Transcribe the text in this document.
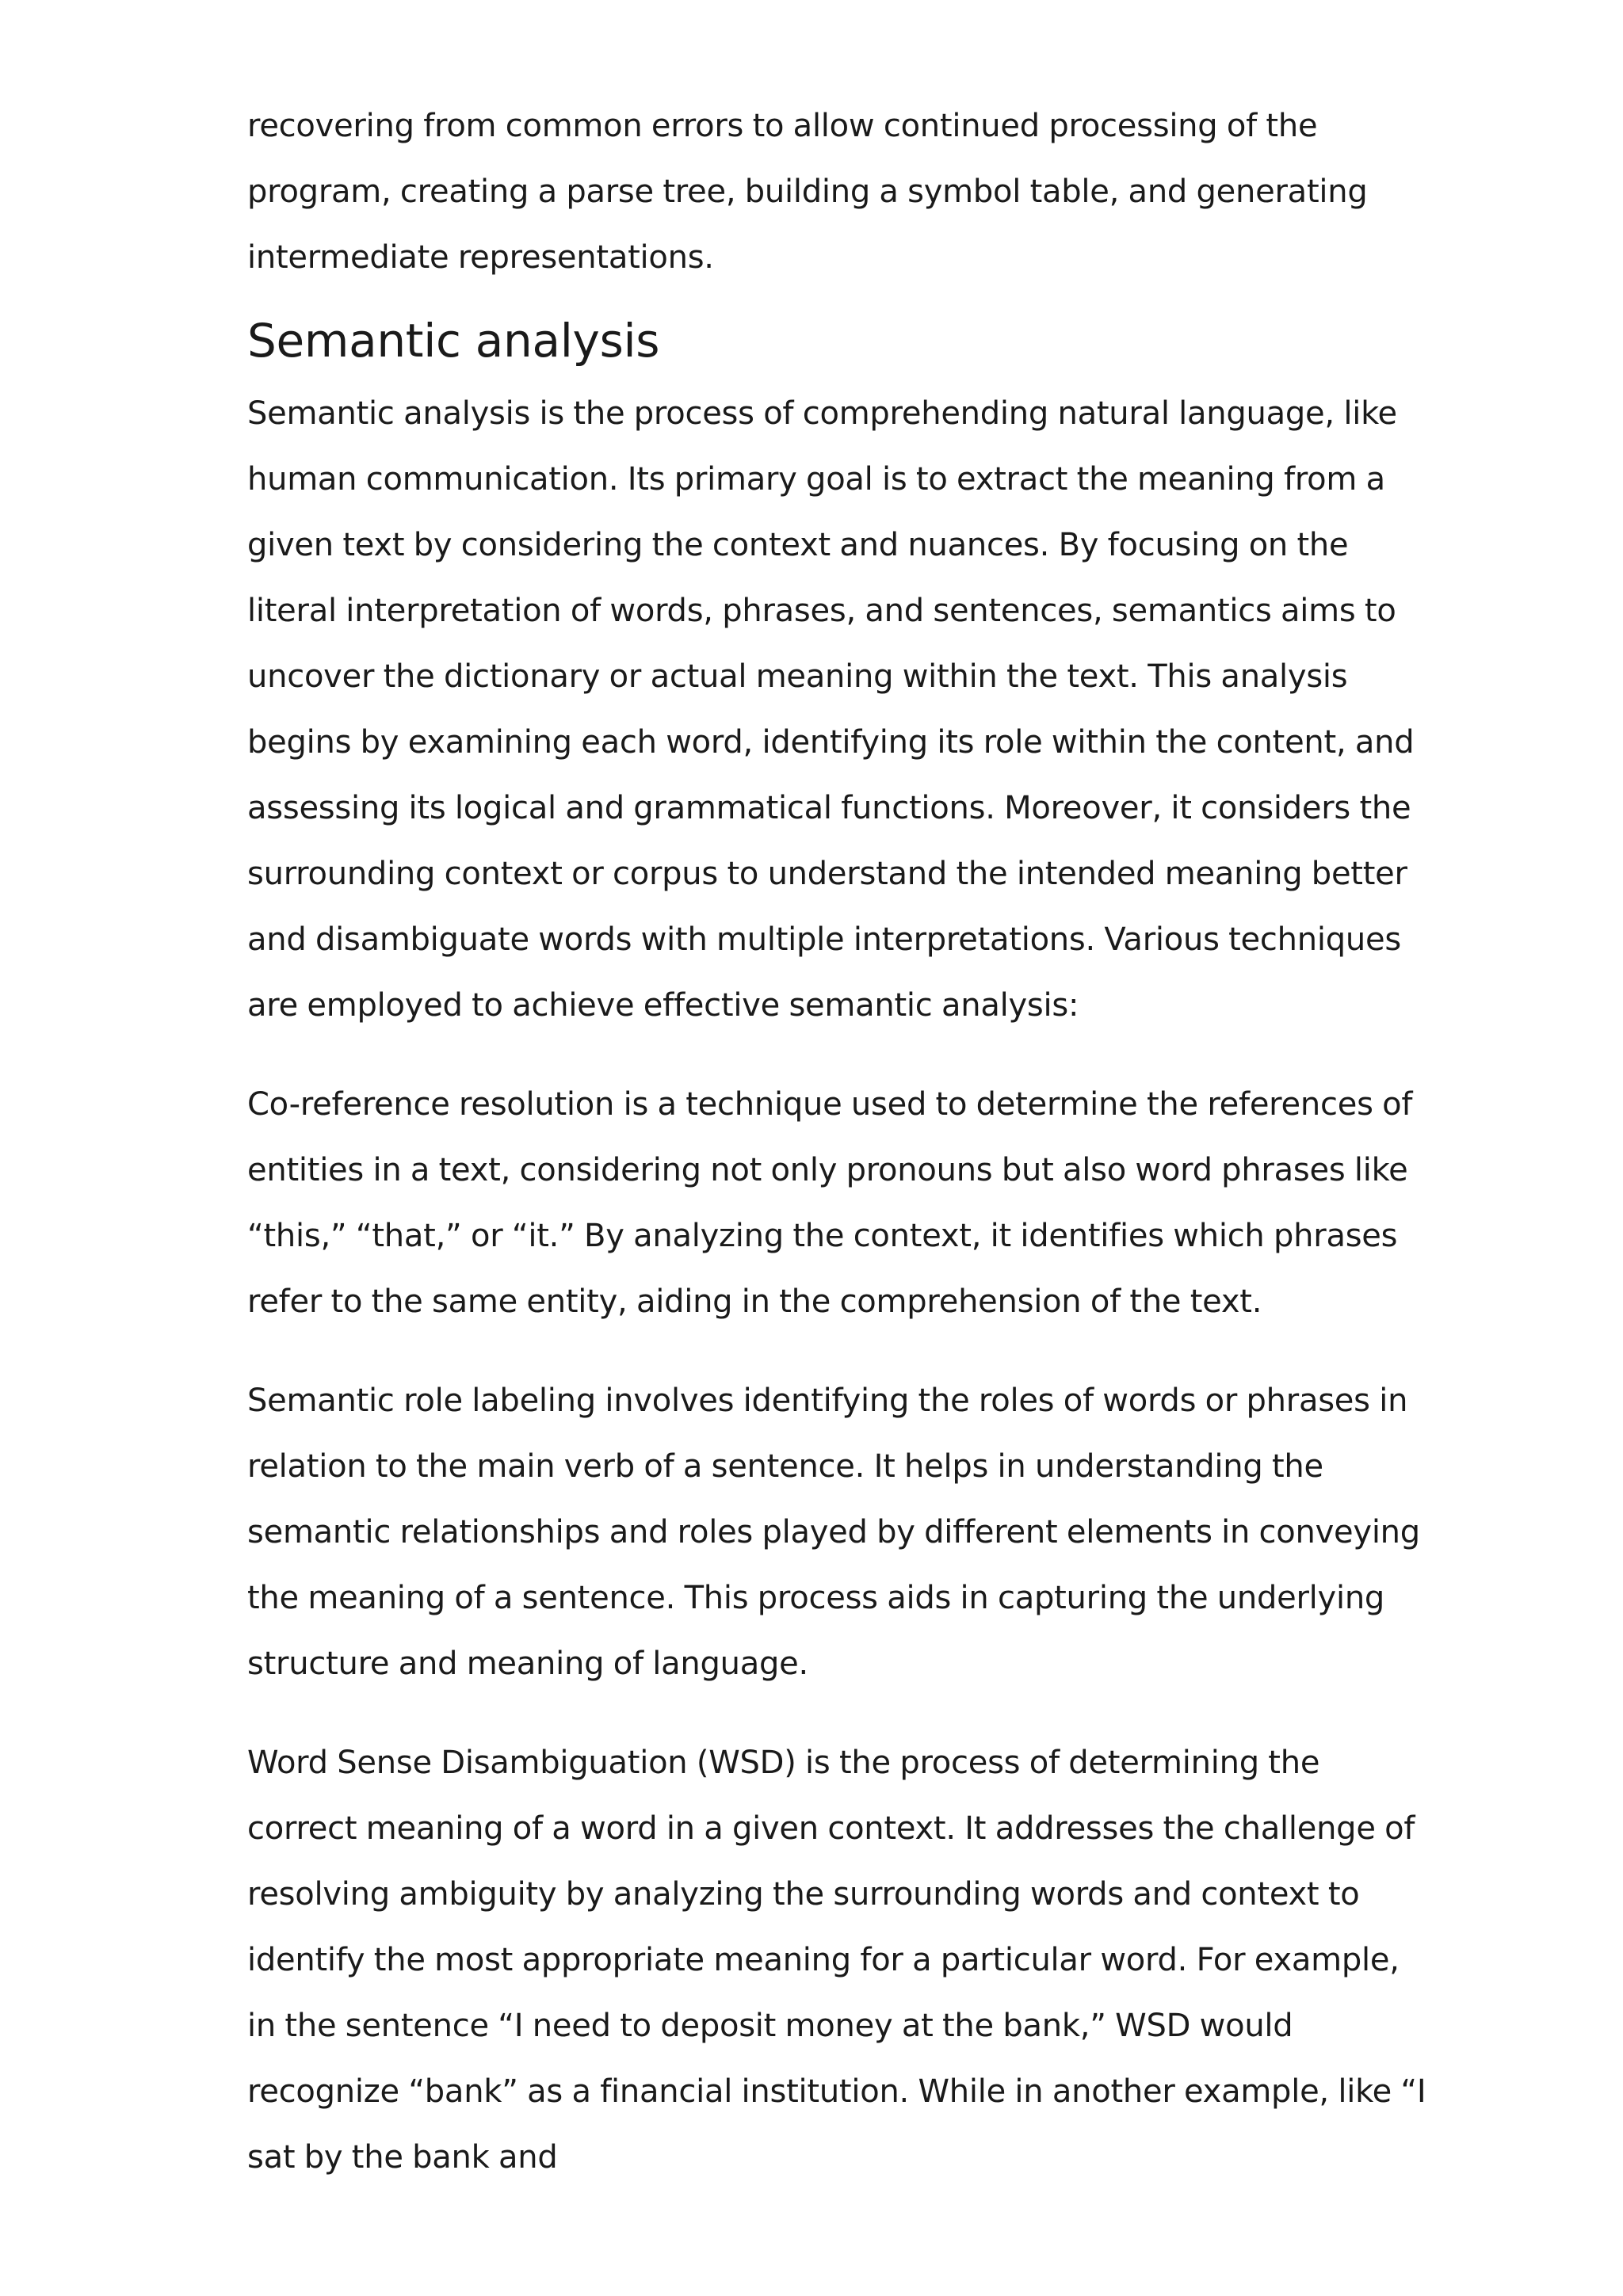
recovering from common errors to allow continued processing of the program, creating a parse tree, building a symbol table, and generating intermediate representations.

Semantic analysis

Semantic analysis is the process of comprehending natural language, like human communication. Its primary goal is to extract the meaning from a given text by considering the context and nuances. By focusing on the literal interpretation of words, phrases, and sentences, semantics aims to uncover the dictionary or actual meaning within the text. This analysis begins by examining each word, identifying its role within the content, and assessing its logical and grammatical functions. Moreover, it considers the surrounding context or corpus to understand the intended meaning better and disambiguate words with multiple interpretations. Various techniques are employed to achieve effective semantic analysis:

Co-reference resolution is a technique used to determine the references of entities in a text, considering not only pronouns but also word phrases like “this,” “that,” or “it.” By analyzing the context, it identifies which phrases refer to the same entity, aiding in the comprehension of the text.

Semantic role labeling involves identifying the roles of words or phrases in relation to the main verb of a sentence. It helps in understanding the semantic relationships and roles played by different elements in conveying the meaning of a sentence. This process aids in capturing the underlying structure and meaning of language.

Word Sense Disambiguation (WSD) is the process of determining the correct meaning of a word in a given context. It addresses the challenge of resolving ambiguity by analyzing the surrounding words and context to identify the most appropriate meaning for a particular word. For example, in the sentence “I need to deposit money at the bank,” WSD would recognize “bank” as a financial institution. While in another example, like “I sat by the bank and
